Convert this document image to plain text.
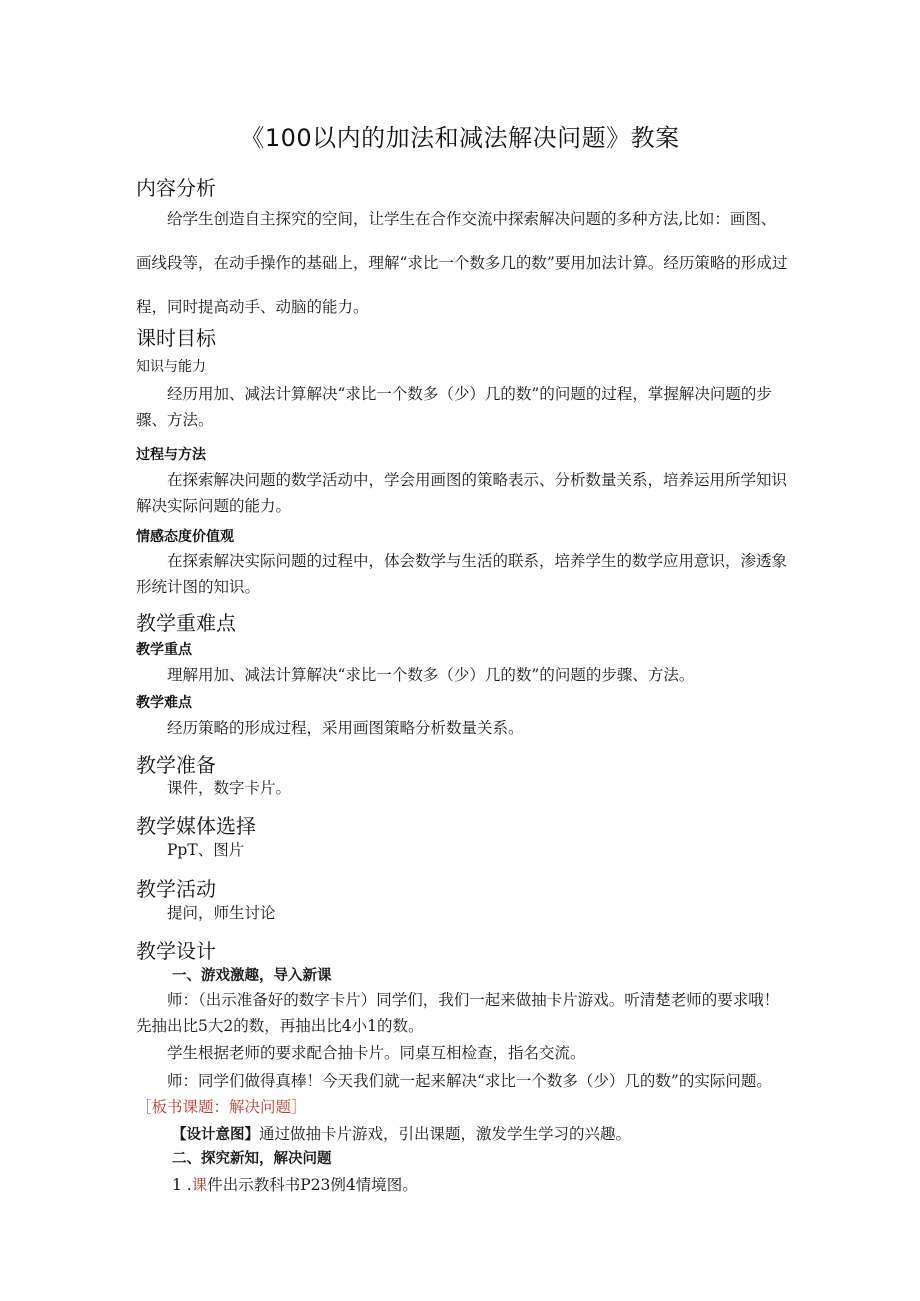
《100以内的加法和减法解决问题》教案
内容分析

给学生创造自主探究的空间，让学生在合作交流中探索解决问题的多种方法,比如：画图、画线段等，在动手操作的基础上，理解“求比一个数多几的数”要用加法计算。经历策略的形成过程，同时提高动手、动脑的能力。

课时目标
知识与能力

经历用加、减法计算解决“求比一个数多（少）几的数”的问题的过程，掌握解决问题的步骤、方法。

过程与方法

在探索解决问题的数学活动中，学会用画图的策略表示、分析数量关系，培养运用所学知识解决实际问题的能力。

情感态度价值观

在探索解决实际问题的过程中，体会数学与生活的联系，培养学生的数学应用意识，渗透象形统计图的知识。

教学重难点
教学重点

理解用加、减法计算解决“求比一个数多（少）几的数”的问题的步骤、方法。

教学难点

经历策略的形成过程，采用画图策略分析数量关系。

教学准备

课件，数字卡片。

教学媒体选择

PpT、图片

教学活动

提问，师生讨论

教学设计
一、游戏激趣，导入新课

师：（出示准备好的数字卡片）同学们，我们一起来做抽卡片游戏。听清楚老师的要求哦！先抽出比5大2的数，再抽出比4小1的数。

学生根据老师的要求配合抽卡片。同桌互相检查，指名交流。

师：同学们做得真棒！今天我们就一起来解决“求比一个数多（少）几的数”的实际问题。［板书课题：解决问题］

【设计意图】通过做抽卡片游戏，引出课题，激发学生学习的兴趣。
二、探究新知，解决问题
1 .课件出示教科书P23例4情境图。
